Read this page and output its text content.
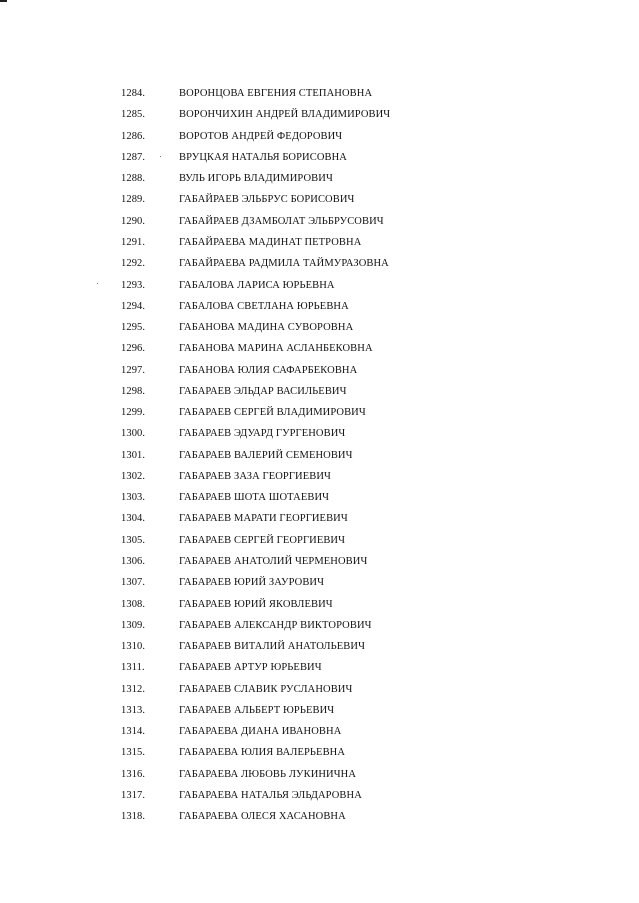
1284.	ВОРОНЦОВА ЕВГЕНИЯ СТЕПАНОВНА
1285.	ВОРОНЧИХИН АНДРЕЙ ВЛАДИМИРОВИЧ
1286.	ВОРОТОВ АНДРЕЙ ФЕДОРОВИЧ
1287.	ВРУЦКАЯ НАТАЛЬЯ БОРИСОВНА
1288.	ВУЛЬ ИГОРЬ ВЛАДИМИРОВИЧ
1289.	ГАБАЙРАЕВ ЭЛЬБРУС БОРИСОВИЧ
1290.	ГАБАЙРАЕВ ДЗАМБОЛАТ ЭЛЬБРУСОВИЧ
1291.	ГАБАЙРАЕВА МАДИНАТ ПЕТРОВНА
1292.	ГАБАЙРАЕВА РАДМИЛА ТАЙМУРАЗОВНА
1293.	ГАБАЛОВА ЛАРИСА ЮРЬЕВНА
1294.	ГАБАЛОВА СВЕТЛАНА ЮРЬЕВНА
1295.	ГАБАНОВА МАДИНА СУВОРОВНА
1296.	ГАБАНОВА МАРИНА АСЛАНБЕКОВНА
1297.	ГАБАНОВА ЮЛИЯ САФАРБЕКОВНА
1298.	ГАБАРАЕВ ЭЛЬДАР ВАСИЛЬЕВИЧ
1299.	ГАБАРАЕВ СЕРГЕЙ ВЛАДИМИРОВИЧ
1300.	ГАБАРАЕВ ЭДУАРД ГУРГЕНОВИЧ
1301.	ГАБАРАЕВ ВАЛЕРИЙ СЕМЕНОВИЧ
1302.	ГАБАРАЕВ ЗАЗА ГЕОРГИЕВИЧ
1303.	ГАБАРАЕВ ШОТА ШОТАЕВИЧ
1304.	ГАБАРАЕВ МАРАТИ ГЕОРГИЕВИЧ
1305.	ГАБАРАЕВ СЕРГЕЙ ГЕОРГИЕВИЧ
1306.	ГАБАРАЕВ АНАТОЛИЙ ЧЕРМЕНОВИЧ
1307.	ГАБАРАЕВ ЮРИЙ ЗАУРОВИЧ
1308.	ГАБАРАЕВ ЮРИЙ ЯКОВЛЕВИЧ
1309.	ГАБАРАЕВ АЛЕКСАНДР ВИКТОРОВИЧ
1310.	ГАБАРАЕВ ВИТАЛИЙ АНАТОЛЬЕВИЧ
1311.	ГАБАРАЕВ АРТУР ЮРЬЕВИЧ
1312.	ГАБАРАЕВ СЛАВИК РУСЛАНОВИЧ
1313.	ГАБАРАЕВ АЛЬБЕРТ ЮРЬЕВИЧ
1314.	ГАБАРАЕВА ДИАНА ИВАНОВНА
1315.	ГАБАРАЕВА ЮЛИЯ ВАЛЕРЬЕВНА
1316.	ГАБАРАЕВА ЛЮБОВЬ ЛУКИНИЧНА
1317.	ГАБАРАЕВА НАТАЛЬЯ ЭЛЬДАРОВНА
1318.	ГАБАРАЕВА ОЛЕСЯ ХАСАНОВНА
